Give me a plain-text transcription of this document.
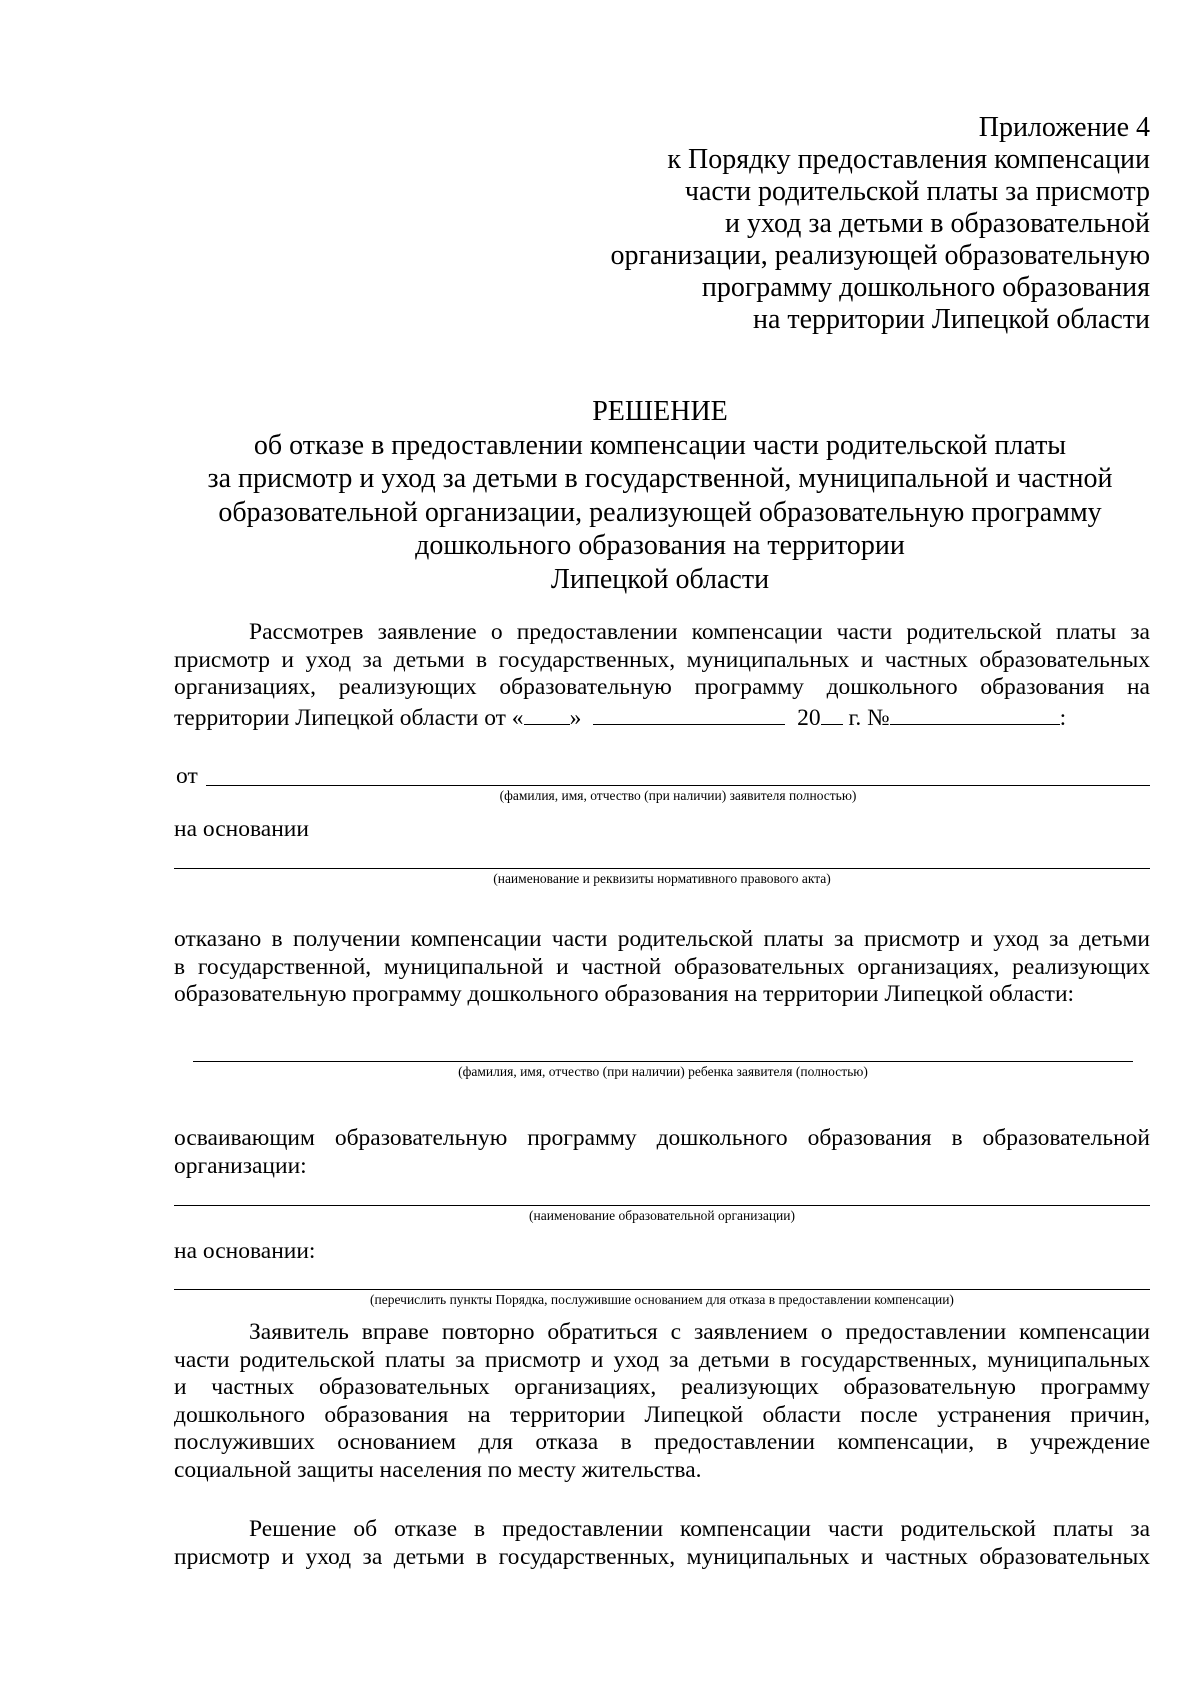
Приложение 4
к Порядку предоставления компенсации
части родительской платы за присмотр
и уход за детьми в образовательной
организации, реализующей образовательную
программу дошкольного образования
на территории Липецкой области
РЕШЕНИЕ
об отказе в предоставлении компенсации части родительской платы
за присмотр и уход за детьми в государственной, муниципальной и частной
образовательной организации, реализующей образовательную программу
дошкольного образования на территории
Липецкой области
Рассмотрев заявление о предоставлении компенсации части родительской платы за
присмотр и уход за детьми в государственных, муниципальных и частных образовательных
организациях, реализующих образовательную программу дошкольного образования на
территории Липецкой области от « »	20 г. №	:
от
(фамилия, имя, отчество (при наличии) заявителя полностью)
на основании
(наименование и реквизиты нормативного правового акта)
отказано в получении компенсации части родительской платы за присмотр и уход за детьми
в государственной, муниципальной и частной образовательных организациях, реализующих
образовательную программу дошкольного образования на территории Липецкой области:
(фамилия, имя, отчество (при наличии) ребенка заявителя (полностью)
осваивающим образовательную программу дошкольного образования в образовательной
организации:
(наименование образовательной организации)
на основании:
(перечислить пункты Порядка, послужившие основанием для отказа в предоставлении компенсации)
Заявитель вправе повторно обратиться с заявлением о предоставлении компенсации
части родительской платы за присмотр и уход за детьми в государственных, муниципальных
и частных образовательных организациях, реализующих образовательную программу
дошкольного образования на территории Липецкой области после устранения причин,
послуживших основанием для отказа в предоставлении компенсации, в учреждение
социальной защиты населения по месту жительства.
Решение об отказе в предоставлении компенсации части родительской платы за
присмотр и уход за детьми в государственных, муниципальных и частных образовательных
